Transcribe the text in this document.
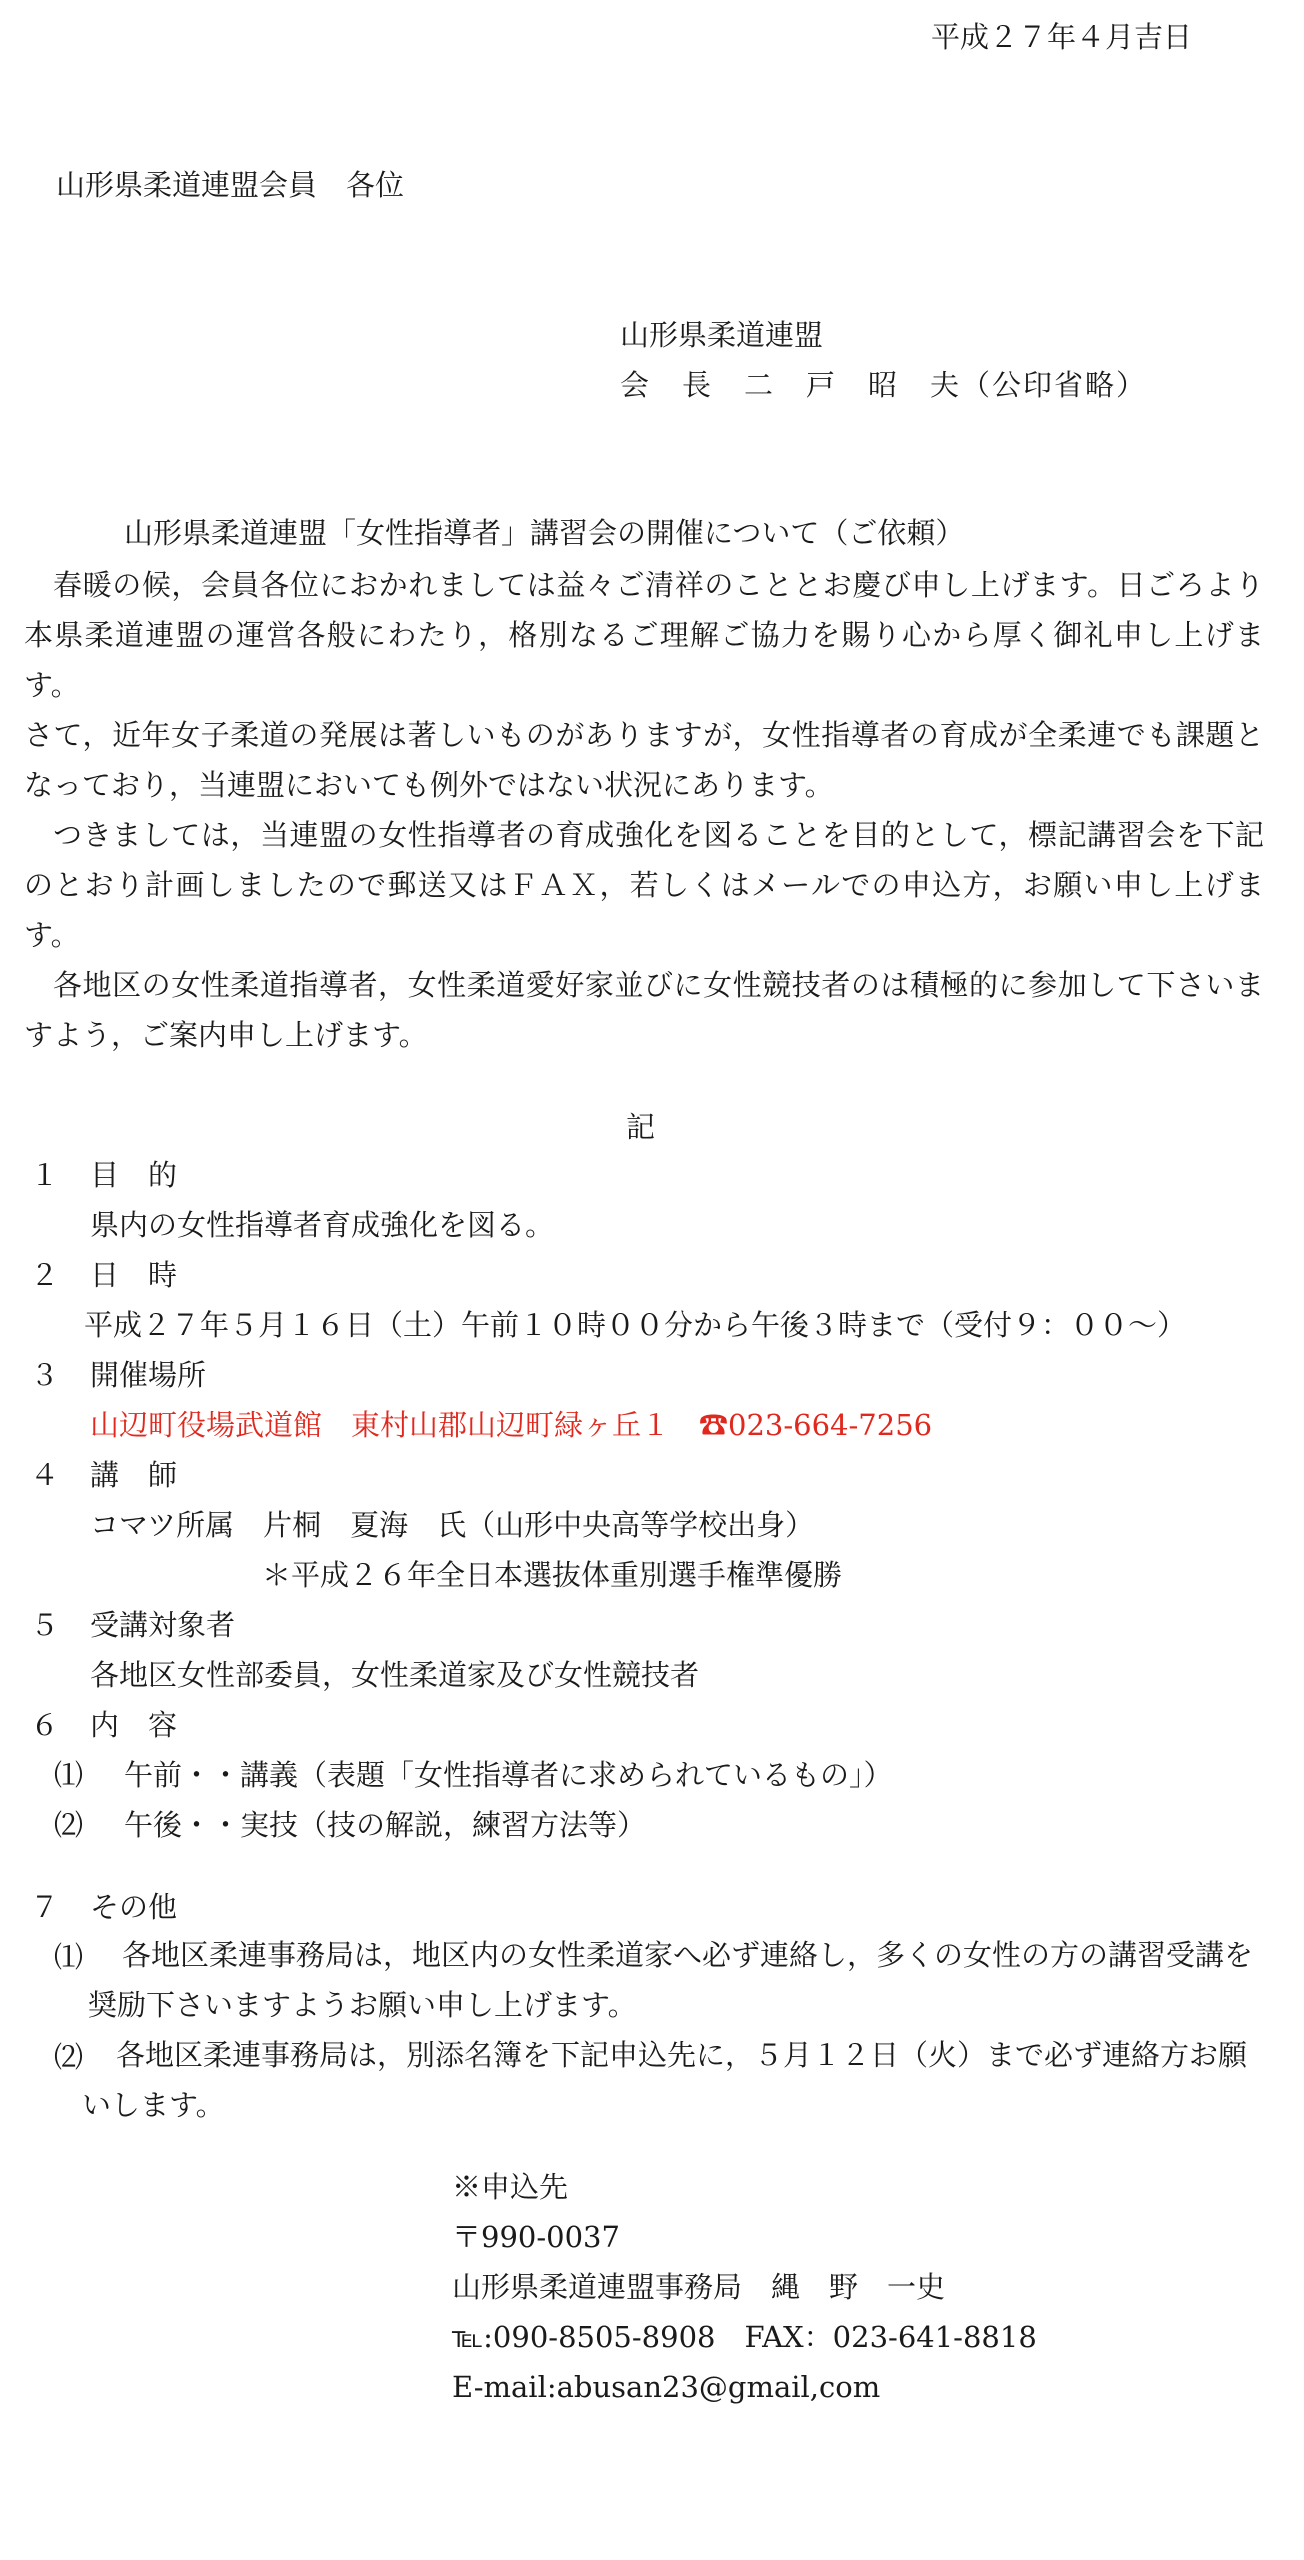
平成２７年４月吉日
山形県柔道連盟会員　各位
山形県柔道連盟
会　長　二　戸　昭　夫（公印省略）
山形県柔道連盟「女性指導者」講習会の開催について（ご依頼）
春暖の候，会員各位におかれましては益々ご清祥のこととお慶び申し上げます。日ごろより本県柔道連盟の運営各般にわたり，格別なるご理解ご協力を賜り心から厚く御礼申し上げます。
さて，近年女子柔道の発展は著しいものがありますが，女性指導者の育成が全柔連でも課題となっており，当連盟においても例外ではない状況にあります。
つきましては，当連盟の女性指導者の育成強化を図ることを目的として，標記講習会を下記のとおり計画しましたので郵送又はＦＡＸ，若しくはメールでの申込方，お願い申し上げます。
各地区の女性柔道指導者，女性柔道愛好家並びに女性競技者のは積極的に参加して下さいますよう，ご案内申し上げます。
記
１ 目　的
県内の女性指導者育成強化を図る。
２ 日　時
平成２７年５月１６日（土）午前１０時００分から午後３時まで（受付９：００～）
３ 開催場所
山辺町役場武道館　東村山郡山辺町緑ヶ丘１　☎023-664-7256
４ 講　師
コマツ所属　片桐　夏海　氏（山形中央高等学校出身）
＊平成２６年全日本選抜体重別選手権準優勝
５ 受講対象者
各地区女性部委員，女性柔道家及び女性競技者
６ 内　容
⑴ 午前・・講義（表題「女性指導者に求められているもの」）
⑵ 午後・・実技（技の解説，練習方法等）
７ その他
⑴	各地区柔連事務局は，地区内の女性柔道家へ必ず連絡し，多くの女性の方の講習受講を奨励下さいますようお願い申し上げます。
⑵	各地区柔連事務局は，別添名簿を下記申込先に，５月１２日（火）まで必ず連絡方お願いします。
※申込先
〒990-0037
山形県柔道連盟事務局　縄　野　一史
℡:090-8505-8908　FAX：023-641-8818
E-mail:abusan23@gmail,com
